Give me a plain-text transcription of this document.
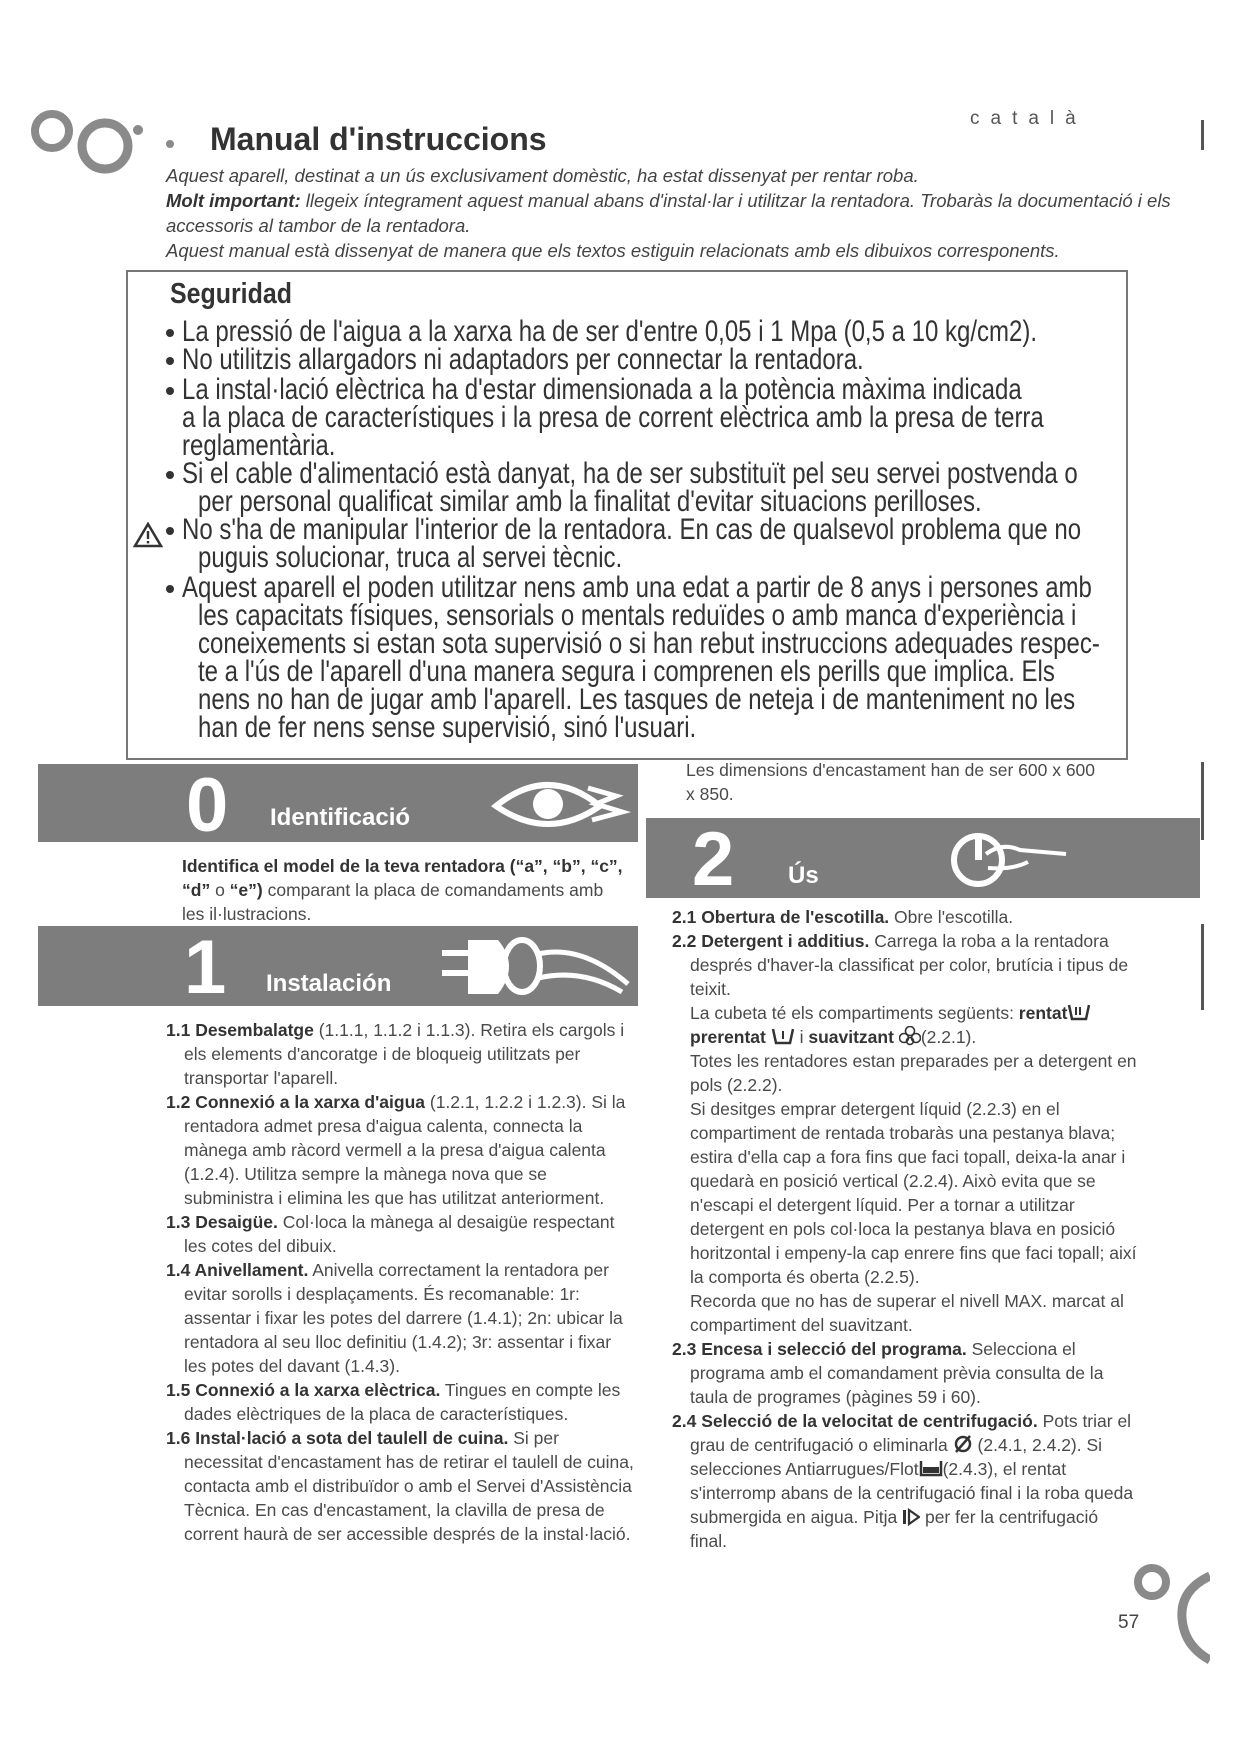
català
Manual d'instruccions
Aquest aparell, destinat a un ús exclusivament domèstic, ha estat dissenyat per rentar roba.
Molt important: llegeix íntegrament aquest manual abans d'instal·lar i utilitzar la rentadora. Trobaràs la documentació i els accessoris al tambor de la rentadora.
Aquest manual està dissenyat de manera que els textos estiguin relacionats amb els dibuixos corresponents.
Seguridad
La pressió de l'aigua a la xarxa ha de ser d'entre 0,05 i 1 Mpa (0,5 a 10 kg/cm2).
No utilitzis allargadors ni adaptadors per connectar la rentadora.
La instal·lació elèctrica ha d'estar dimensionada a la potència màxima indicada
a la placa de característiques i la presa de corrent elèctrica amb la presa de terra
reglamentària.
Si el cable d'alimentació està danyat, ha de ser substituït pel seu servei postvenda o
per personal qualificat similar amb la finalitat d'evitar situacions perilloses.
No s'ha de manipular l'interior de la rentadora. En cas de qualsevol problema que no
puguis solucionar, truca al servei tècnic.
Aquest aparell el poden utilitzar nens amb una edat a partir de 8 anys i persones amb
les capacitats físiques, sensorials o mentals reduïdes o amb manca d'experiència i
coneixements si estan sota supervisió o si han rebut instruccions adequades respec-
te a l'ús de l'aparell d'una manera segura i comprenen els perills que implica. Els
nens no han de jugar amb l'aparell. Les tasques de neteja i de manteniment no les
han de fer nens sense supervisió, sinó l'usuari.
0 Identificació
Identifica el model de la teva rentadora (“a”, “b”, “c”, “d” o “e”) comparant la placa de comandaments amb les il·lustracions.
1 Instalación
1.1 Desembalatge (1.1.1, 1.1.2 i 1.1.3). Retira els cargols i els elements d'ancoratge i de bloqueig utilitzats per transportar l'aparell.
1.2 Connexió a la xarxa d'aigua (1.2.1, 1.2.2 i 1.2.3). Si la rentadora admet presa d'aigua calenta, connecta la mànega amb ràcord vermell a la presa d'aigua calenta (1.2.4). Utilitza sempre la mànega nova que se subministra i elimina les que has utilitzat anteriorment.
1.3 Desaigüe. Col·loca la mànega al desaigüe respectant les cotes del dibuix.
1.4 Anivellament. Anivella correctament la rentadora per evitar sorolls i desplaçaments. És recomanable: 1r: assentar i fixar les potes del darrere (1.4.1); 2n: ubicar la rentadora al seu lloc definitiu (1.4.2); 3r: assentar i fixar les potes del davant (1.4.3).
1.5 Connexió a la xarxa elèctrica. Tingues en compte les dades elèctriques de la placa de característiques.
1.6 Instal·lació a sota del taulell de cuina. Si per necessitat d'encastament has de retirar el taulell de cuina, contacta amb el distribuïdor o amb el Servei d'Assistència Tècnica. En cas d'encastament, la clavilla de presa de corrent haurà de ser accessible després de la instal·lació.
Les dimensions d'encastament han de ser 600 x 600 x 850.
2 Ús
2.1 Obertura de l'escotilla. Obre l'escotilla.
2.2 Detergent i additius. Carrega la roba a la rentadora després d'haver-la classificat per color, brutícia i tipus de teixit.
La cubeta té els compartiments següents: rentat prerentat  i suavitzant (2.2.1).
Totes les rentadores estan preparades per a detergent en pols (2.2.2).
Si desitges emprar detergent líquid (2.2.3) en el compartiment de rentada trobaràs una pestanya blava; estira d'ella cap a fora fins que faci topall, deixa-la anar i quedarà en posició vertical (2.2.4). Això evita que se n'escapi el detergent líquid. Per a tornar a utilitzar detergent en pols col·loca la pestanya blava en posició horitzontal i empeny-la cap enrere fins que faci topall; així la comporta és oberta (2.2.5).
Recorda que no has de superar el nivell MAX. marcat al compartiment del suavitzant.
2.3 Encesa i selecció del programa. Selecciona el programa amb el comandament prèvia consulta de la taula de programes (pàgines 59 i 60).
2.4 Selecció de la velocitat de centrifugació. Pots triar el grau de centrifugació o eliminarla  (2.4.1, 2.4.2). Si selecciones Antiarrugues/Flot (2.4.3), el rentat s'interromp abans de la centrifugació final i la roba queda submergida en aigua. Pitja  per fer la centrifugació final.
57
